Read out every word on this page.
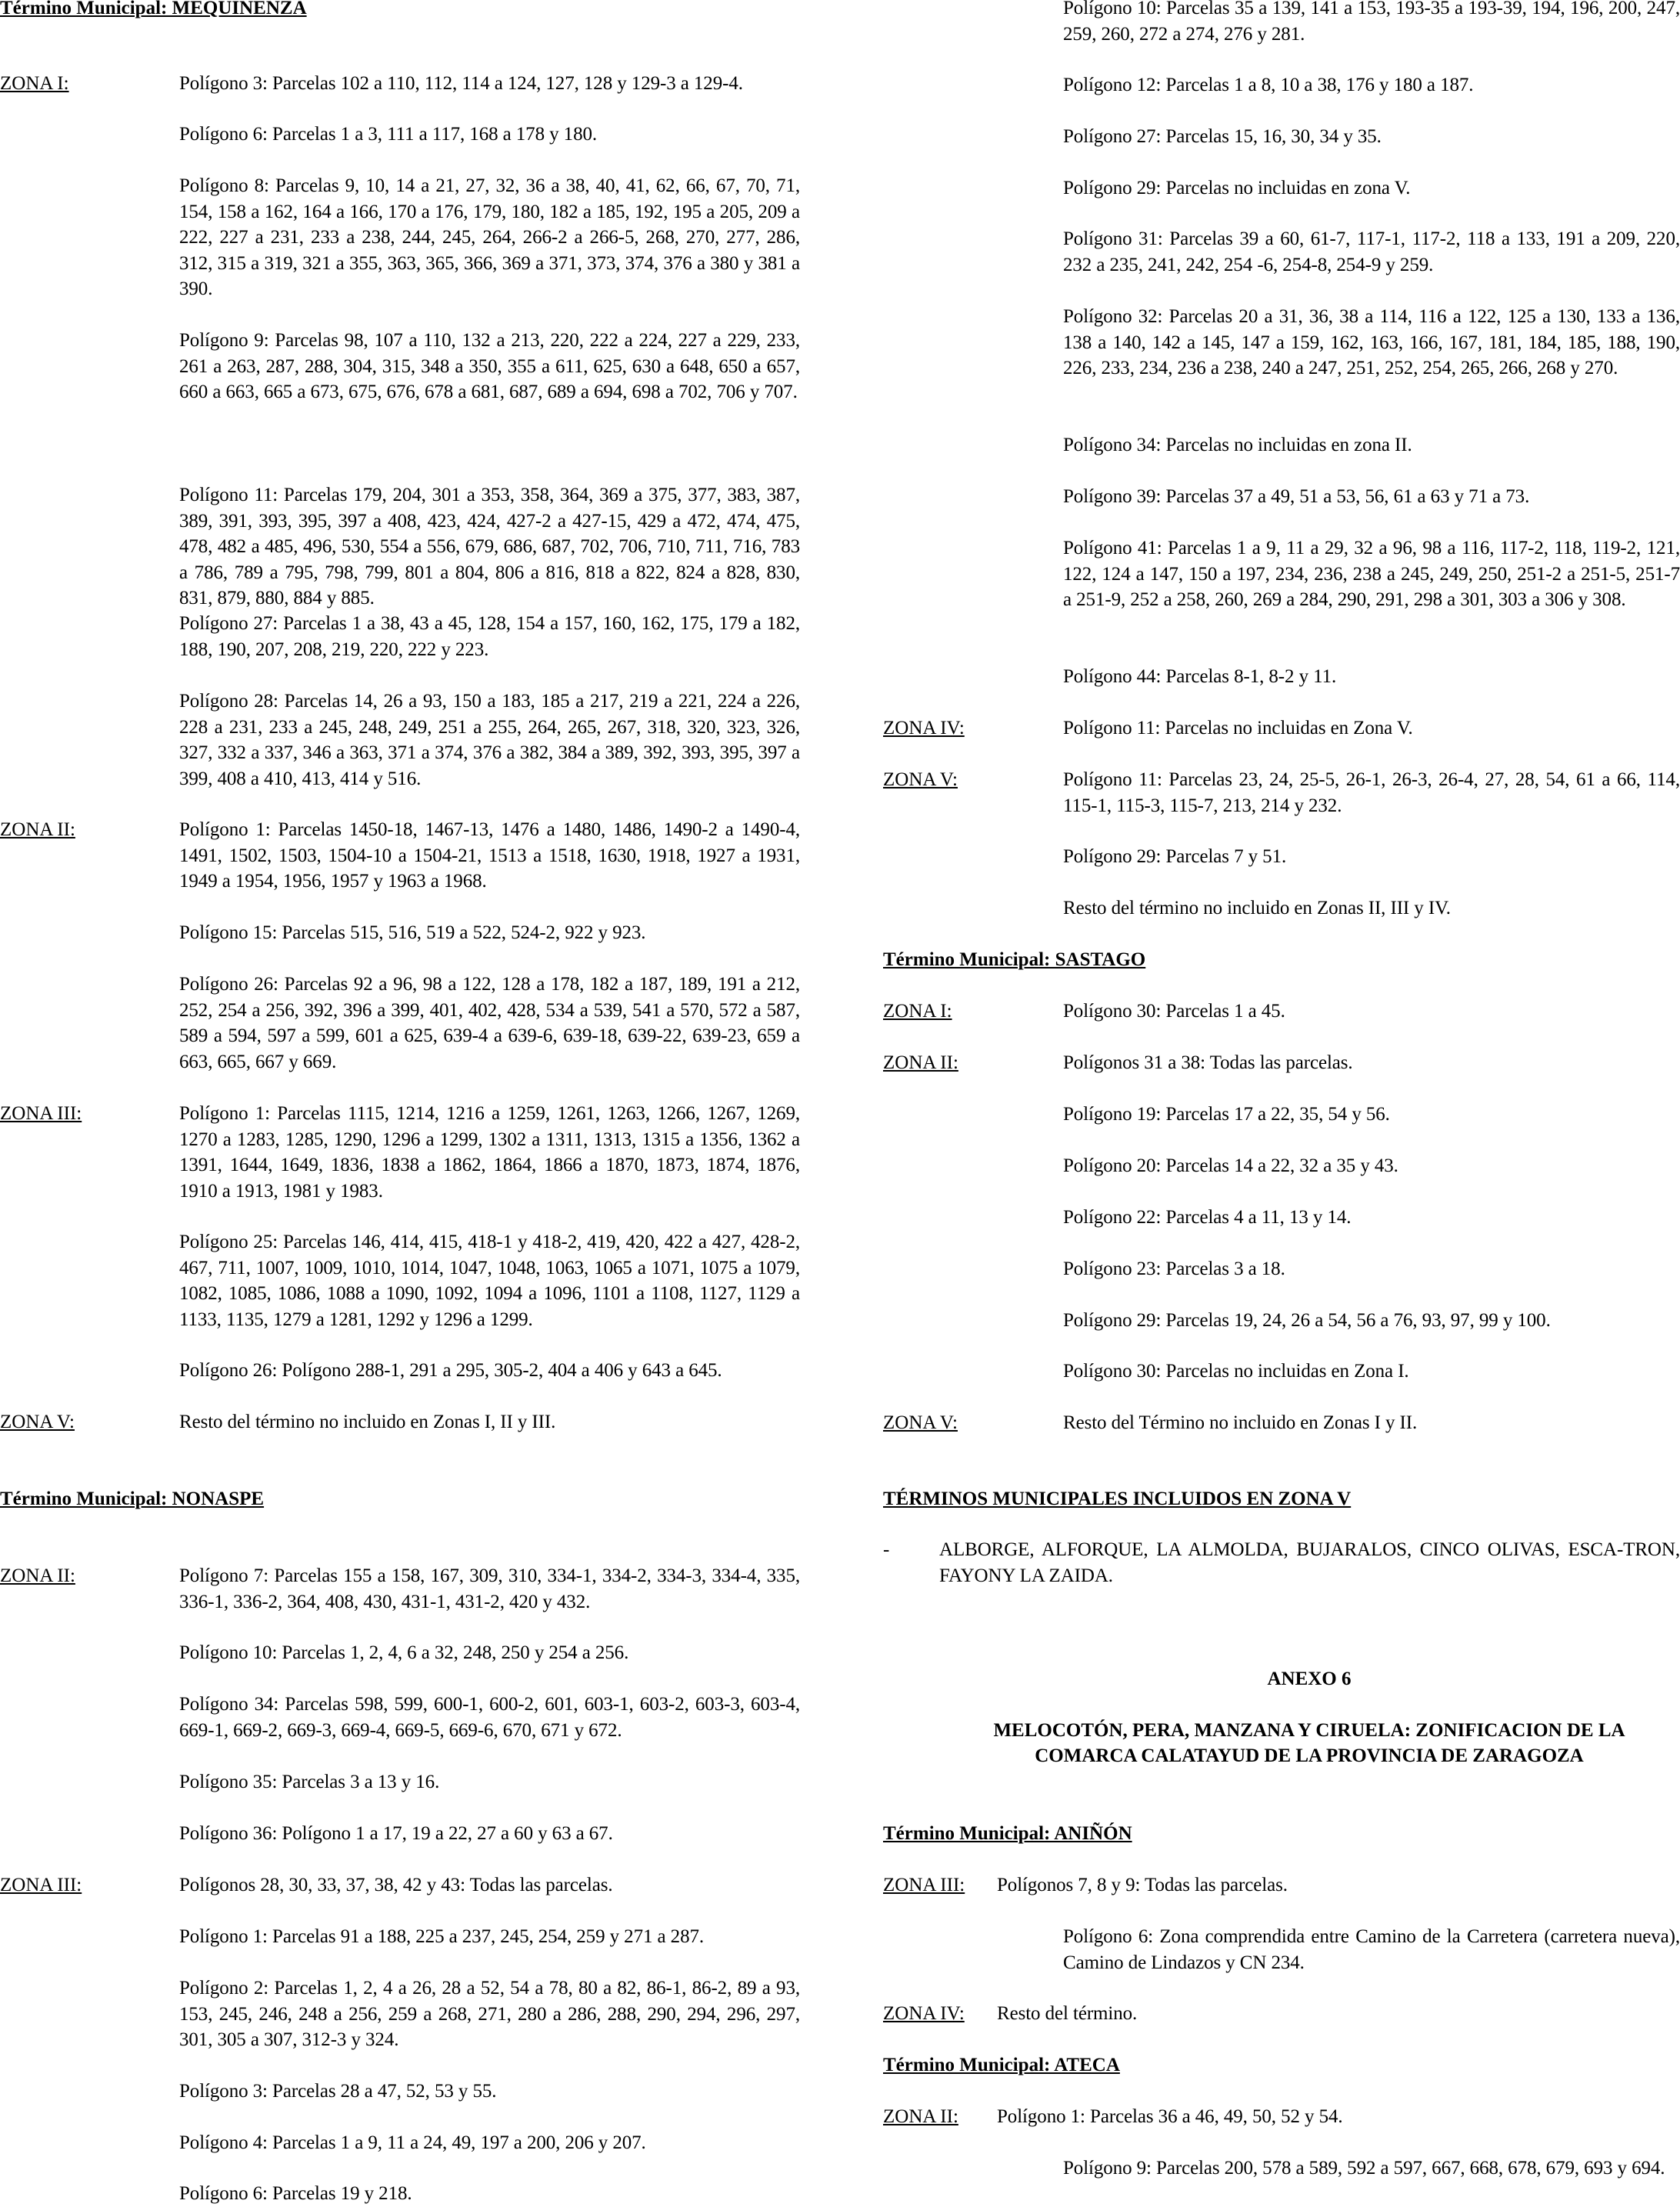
Término Municipal: MEQUINENZA
ZONA I:	Polígono 3: Parcelas 102 a 110, 112, 114 a 124, 127, 128 y 129-3 a 129-4.
Polígono 6: Parcelas 1 a 3, 111 a 117, 168 a 178 y 180.
Polígono 8: Parcelas 9, 10, 14 a 21, 27, 32, 36 a 38, 40, 41, 62, 66, 67, 70, 71, 154, 158 a 162, 164 a 166, 170 a 176, 179, 180, 182 a 185, 192, 195 a 205, 209 a 222, 227 a 231, 233 a 238, 244, 245, 264, 266-2 a 266-5, 268, 270, 277, 286, 312, 315 a 319, 321 a 355, 363, 365, 366, 369 a 371, 373, 374, 376 a 380 y 381 a 390.
Polígono 9: Parcelas 98, 107 a 110, 132 a 213, 220, 222 a 224, 227 a 229, 233, 261 a 263, 287, 288, 304, 315, 348 a 350, 355 a 611, 625, 630 a 648, 650 a 657, 660 a 663, 665 a 673, 675, 676, 678 a 681, 687, 689 a 694, 698 a 702, 706 y 707.
Polígono 11: Parcelas 179, 204, 301 a 353, 358, 364, 369 a 375, 377, 383, 387, 389, 391, 393, 395, 397 a 408, 423, 424, 427-2 a 427-15, 429 a 472, 474, 475, 478, 482 a 485, 496, 530, 554 a 556, 679, 686, 687, 702, 706, 710, 711, 716, 783 a 786, 789 a 795, 798, 799, 801 a 804, 806 a 816, 818 a 822, 824 a 828, 830, 831, 879, 880, 884 y 885.
Polígono 27: Parcelas 1 a 38, 43 a 45, 128, 154 a 157, 160, 162, 175, 179 a 182, 188, 190, 207, 208, 219, 220, 222 y 223.
Polígono 28: Parcelas 14, 26 a 93, 150 a 183, 185 a 217, 219 a 221, 224 a 226, 228 a 231, 233 a 245, 248, 249, 251 a 255, 264, 265, 267, 318, 320, 323, 326, 327, 332 a 337, 346 a 363, 371 a 374, 376 a 382, 384 a 389, 392, 393, 395, 397 a 399, 408 a 410, 413, 414 y 516.
ZONA II:	Polígono 1: Parcelas 1450-18, 1467-13, 1476 a 1480, 1486, 1490-2 a 1490-4, 1491, 1502, 1503, 1504-10 a 1504-21, 1513 a 1518, 1630, 1918, 1927 a 1931, 1949 a 1954, 1956, 1957 y 1963 a 1968.
Polígono 15: Parcelas 515, 516, 519 a 522, 524-2, 922 y 923.
Polígono 26: Parcelas 92 a 96, 98 a 122, 128 a 178, 182 a 187, 189, 191 a 212, 252, 254 a 256, 392, 396 a 399, 401, 402, 428, 534 a 539, 541 a 570, 572 a 587, 589 a 594, 597 a 599, 601 a 625, 639-4 a 639-6, 639-18, 639-22, 639-23, 659 a 663, 665, 667 y 669.
ZONA III:	Polígono 1: Parcelas 1115, 1214, 1216 a 1259, 1261, 1263, 1266, 1267, 1269, 1270 a 1283, 1285, 1290, 1296 a 1299, 1302 a 1311, 1313, 1315 a 1356, 1362 a 1391, 1644, 1649, 1836, 1838 a 1862, 1864, 1866 a 1870, 1873, 1874, 1876, 1910 a 1913, 1981 y 1983.
Polígono 25: Parcelas 146, 414, 415, 418-1 y 418-2, 419, 420, 422 a 427, 428-2, 467, 711, 1007, 1009, 1010, 1014, 1047, 1048, 1063, 1065 a 1071, 1075 a 1079, 1082, 1085, 1086, 1088 a 1090, 1092, 1094 a 1096, 1101 a 1108, 1127, 1129 a 1133, 1135, 1279 a 1281, 1292 y 1296 a 1299.
Polígono 26: Polígono 288-1, 291 a 295, 305-2, 404 a 406 y 643 a 645.
ZONA V:	Resto del término no incluido en Zonas I, II y III.
Término Municipal: NONASPE
ZONA II:	Polígono 7: Parcelas 155 a 158, 167, 309, 310, 334-1, 334-2, 334-3, 334-4, 335, 336-1, 336-2, 364, 408, 430, 431-1, 431-2, 420 y 432.
Polígono 10: Parcelas 1, 2, 4, 6 a 32, 248, 250 y 254 a 256.
Polígono 34: Parcelas 598, 599, 600-1, 600-2, 601, 603-1, 603-2, 603-3, 603-4, 669-1, 669-2, 669-3, 669-4, 669-5, 669-6, 670, 671 y 672.
Polígono 35: Parcelas 3 a 13 y 16.
Polígono 36: Polígono 1 a 17, 19 a 22, 27 a 60 y 63 a 67.
ZONA III:	Polígonos 28, 30, 33, 37, 38, 42 y 43: Todas las parcelas.
Polígono 1: Parcelas 91 a 188, 225 a 237, 245, 254, 259 y 271 a 287.
Polígono 2: Parcelas 1, 2, 4 a 26, 28 a 52, 54 a 78, 80 a 82, 86-1, 86-2, 89 a 93, 153, 245, 246, 248 a 256, 259 a 268, 271, 280 a 286, 288, 290, 294, 296, 297, 301, 305 a 307, 312-3 y 324.
Polígono 3: Parcelas 28 a 47, 52, 53 y 55.
Polígono 4: Parcelas 1 a 9, 11 a 24, 49, 197 a 200, 206 y 207.
Polígono 6: Parcelas 19 y 218.
Polígono 10: Parcelas 35 a 139, 141 a 153, 193-35 a 193-39, 194, 196, 200, 247, 259, 260, 272 a 274, 276 y 281.
Polígono 12: Parcelas 1 a 8, 10 a 38, 176 y 180 a 187.
Polígono 27: Parcelas 15, 16, 30, 34 y 35.
Polígono 29: Parcelas no incluidas en zona V.
Polígono 31: Parcelas 39 a 60, 61-7, 117-1, 117-2, 118 a 133, 191 a 209, 220, 232 a 235, 241, 242, 254 -6, 254-8, 254-9 y 259.
Polígono 32: Parcelas 20 a 31, 36, 38 a 114, 116 a 122, 125 a 130, 133 a 136, 138 a 140, 142 a 145, 147 a 159, 162, 163, 166, 167, 181, 184, 185, 188, 190, 226, 233, 234, 236 a 238, 240 a 247, 251, 252, 254, 265, 266, 268 y 270.
Polígono 34: Parcelas no incluidas en zona II.
Polígono 39: Parcelas 37 a 49, 51 a 53, 56, 61 a 63 y 71 a 73.
Polígono 41: Parcelas 1 a 9, 11 a 29, 32 a 96, 98 a 116, 117-2, 118, 119-2, 121, 122, 124 a 147, 150 a 197, 234, 236, 238 a 245, 249, 250, 251-2 a 251-5, 251-7 a 251-9, 252 a 258, 260, 269 a 284, 290, 291, 298 a 301, 303 a 306 y 308.
Polígono 44: Parcelas 8-1, 8-2 y 11.
ZONA IV:	Polígono 11: Parcelas no incluidas en Zona V.
ZONA V:	Polígono 11: Parcelas 23, 24, 25-5, 26-1, 26-3, 26-4, 27, 28, 54, 61 a 66, 114, 115-1, 115-3, 115-7, 213, 214 y 232.
Polígono 29: Parcelas 7 y 51.
Resto del término no incluido en Zonas II, III y IV.
Término Municipal: SASTAGO
ZONA I:	Polígono 30: Parcelas 1 a 45.
ZONA II:	Polígonos 31 a 38: Todas las parcelas.
Polígono 19: Parcelas 17 a 22, 35, 54 y 56.
Polígono 20: Parcelas 14 a 22, 32 a 35 y 43.
Polígono 22: Parcelas 4 a 11, 13 y 14.
Polígono 23: Parcelas 3 a 18.
Polígono 29: Parcelas 19, 24, 26 a 54, 56 a 76, 93, 97, 99 y 100.
Polígono 30: Parcelas no incluidas en Zona I.
ZONA V:	Resto del Término no incluido en Zonas I y II.
TÉRMINOS MUNICIPALES INCLUIDOS EN ZONA V
-	ALBORGE, ALFORQUE, LA ALMOLDA, BUJARALOS, CINCO OLIVAS, ESCA-TRON, FAYONY LA ZAIDA.
ANEXO 6
MELOCOTÓN, PERA, MANZANA Y CIRUELA: ZONIFICACION DE LA
COMARCA CALATAYUD DE LA PROVINCIA DE ZARAGOZA
Término Municipal: ANIÑÓN
ZONA III: Polígonos 7, 8 y 9: Todas las parcelas.
Polígono 6: Zona comprendida entre Camino de la Carretera (carretera nueva), Camino de Lindazos y CN 234.
ZONA IV: Resto del término.
Término Municipal: ATECA
ZONA II: Polígono 1: Parcelas 36 a 46, 49, 50, 52 y 54.
Polígono 9: Parcelas 200, 578 a 589, 592 a 597, 667, 668, 678, 679, 693 y 694.
